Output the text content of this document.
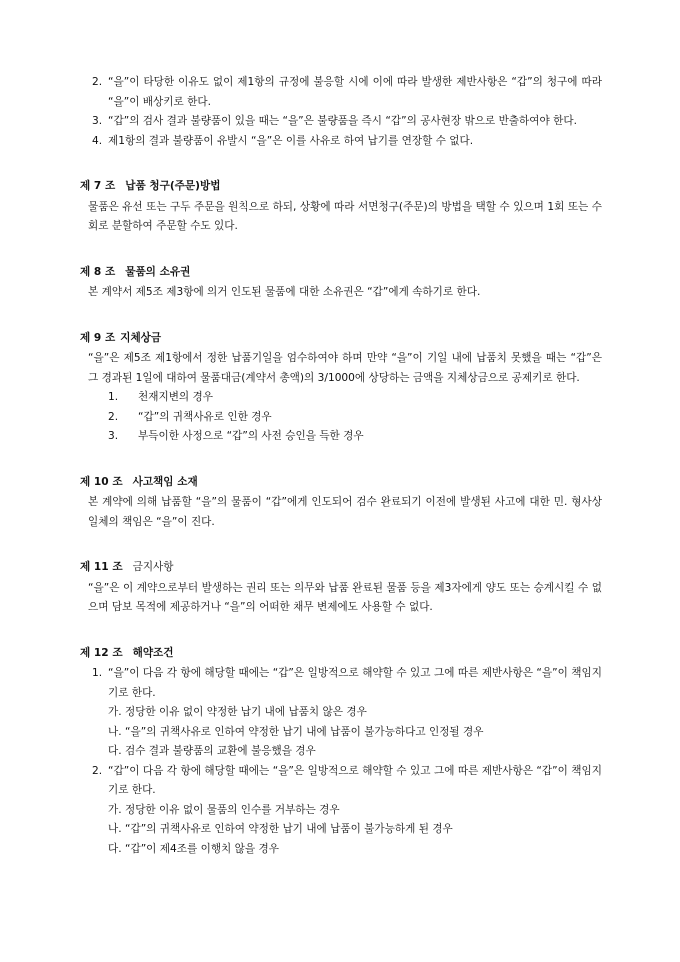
2. “을”이 타당한 이유도 없이 제1항의 규정에 불응할 시에 이에 따라 발생한 제반사항은 “갑”의 청구에 따라 “을”이 배상키로 한다.
3. “갑”의 검사 결과 불량품이 있을 때는 “을”은 불량품을 즉시 “갑”의 공사현장 밖으로 반출하여야 한다.
4. 제1항의 결과 불량품이 유발시 “을”은 이를 사유로 하여 납기를 연장할 수 없다.
제 7 조 납품 청구(주문)방법
물품은 유선 또는 구두 주문을 원칙으로 하되, 상황에 따라 서면청구(주문)의 방법을 택할 수 있으며 1회 또는 수회로 분할하여 주문할 수도 있다.
제 8 조 물품의 소유권
본 계약서 제5조 제3항에 의거 인도된 물품에 대한 소유권은 “갑”에게 속하기로 한다.
제 9 조 지체상금
“을”은 제5조 제1항에서 정한 납품기일을 엄수하여야 하며 만약 “을”이 기일 내에 납품치 못했을 때는 “갑”은 그 경과된 1일에 대하여 물품대금(계약서 총액)의 3/1000에 상당하는 금액을 지체상금으로 공제키로 한다.
1. 천재지변의 경우
2. “갑”의 귀책사유로 인한 경우
3. 부득이한 사정으로 “갑”의 사전 승인을 득한 경우
제 10 조 사고책임 소재
본 계약에 의해 납품할 “을”의 물품이 “갑”에게 인도되어 검수 완료되기 이전에 발생된 사고에 대한 민. 형사상 일체의 책임은 “을”이 진다.
제 11 조 금지사항
“을”은 이 계약으로부터 발생하는 권리 또는 의무와 납품 완료된 물품 등을 제3자에게 양도 또는 승계시킬 수 없으며 담보 목적에 제공하거나 “을”의 어떠한 채무 변제에도 사용할 수 없다.
제 12 조 해약조건
1. “을”이 다음 각 항에 해당할 때에는 “갑”은 일방적으로 해약할 수 있고 그에 따른 제반사항은 “을”이 책임지기로 한다.
가. 정당한 이유 없이 약정한 납기 내에 납품치 않은 경우
나. “을”의 귀책사유로 인하여 약정한 납기 내에 납품이 불가능하다고 인정될 경우
다. 검수 결과 불량품의 교환에 불응했을 경우
2. “갑”이 다음 각 항에 해당할 때에는 “을”은 일방적으로 해약할 수 있고 그에 따른 제반사항은 “갑”이 책임지기로 한다.
가. 정당한 이유 없이 물품의 인수를 거부하는 경우
나. “갑”의 귀책사유로 인하여 약정한 납기 내에 납품이 불가능하게 된 경우
다. “갑”이 제4조를 이행치 않을 경우
